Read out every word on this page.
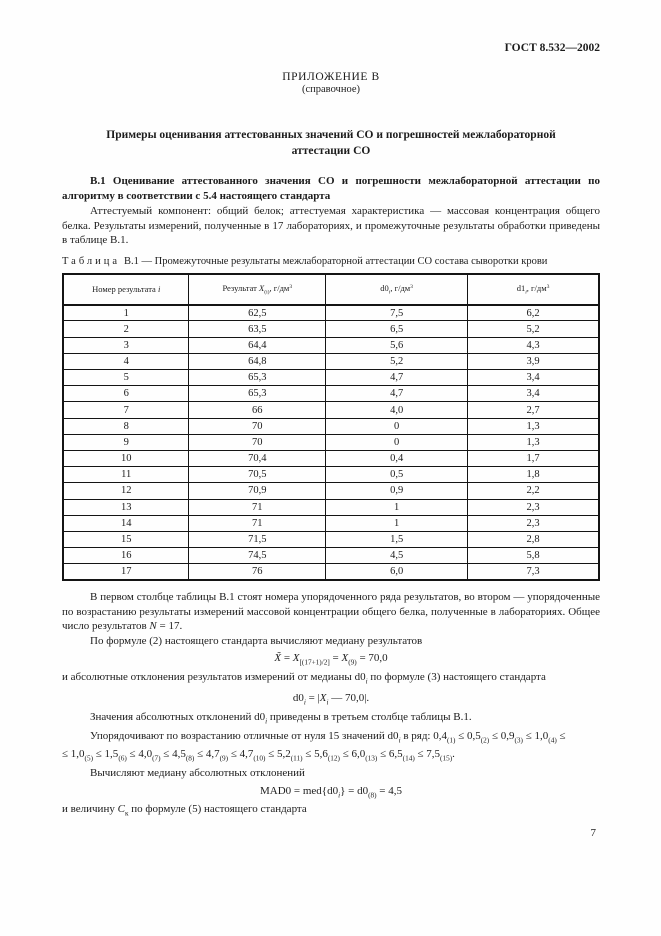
ГОСТ 8.532—2002
ПРИЛОЖЕНИЕ В
(справочное)
Примеры оценивания аттестованных значений СО и погрешностей межлабораторной аттестации СО
В.1 Оценивание аттестованного значения СО и погрешности межлабораторной аттестации по алгоритму в соответствии с 5.4 настоящего стандарта

Аттестуемый компонент: общий белок; аттестуемая характеристика — массовая концентрация общего белка. Результаты измерений, полученные в 17 лабораториях, и промежуточные результаты обработки приведены в таблице В.1.

Таблица В.1 — Промежуточные результаты межлабораторной аттестации СО состава сыворотки крови
Номер результата i	Результат $X_{(i)}$, $г/дм^3$	$d0_i$, $г/дм^3$	$d1_i$, $г/дм^3$
1	62,5	7,5	6,2
2	63,5	6,5	5,2
3	64,4	5,6	4,3
4	64,8	5,2	3,9
5	65,3	4,7	3,4
6	65,3	4,7	3,4
7	66	4,0	2,7
8	70	0	1,3
9	70	0	1,3
10	70,4	0,4	1,7
11	70,5	0,5	1,8
12	70,9	0,9	2,2
13	71	1	2,3
14	71	1	2,3
15	71,5	1,5	2,8
16	74,5	4,5	5,8
17	76	6,0	7,3

В первом столбце таблицы В.1 стоят номера упорядоченного ряда результатов, во втором — упорядоченные по возрастанию результаты измерений массовой концентрации общего белка, полученные в лабораториях. Общее число результатов N = 17.

По формуле (2) настоящего стандарта вычисляют медиану результатов

X̃ = $X_{[(17+1)/2]} = X_{(9)} = 70,0$

и абсолютные отклонения результатов измерений от медианы $d0_i$ по формуле (3) настоящего стандарта

$d0_i = |X_i$ — 70,0|.

Значения абсолютных отклонений $d0_i$ приведены в третьем столбце таблицы В.1.

Упорядочивают по возрастанию отличные от нуля 15 значений $d0_i$ в ряд: $0,4_{(1)} \le 0,5_{(2)} \le 0,9_{(3)} \le 1,0_{(4)}$ ≤
≤ $1,0_{(5)} \le 1,5_{(6)} \le 4,0_{(7)} \le 4,5_{(8)} \le 4,7_{(9)} \le 4,7_{(10)} \le 5,2_{(11)} \le 5,6_{(12)} \le 6,0_{(13)} \le 6,5_{(14)} \le 7,5_{(15)}$.

Вычисляют медиану абсолютных отклонений

$MAD0 = med\{d0_i\} = d0_{(8)} = 4,5$

и величину $C_к$ по формуле (5) настоящего стандарта

7
